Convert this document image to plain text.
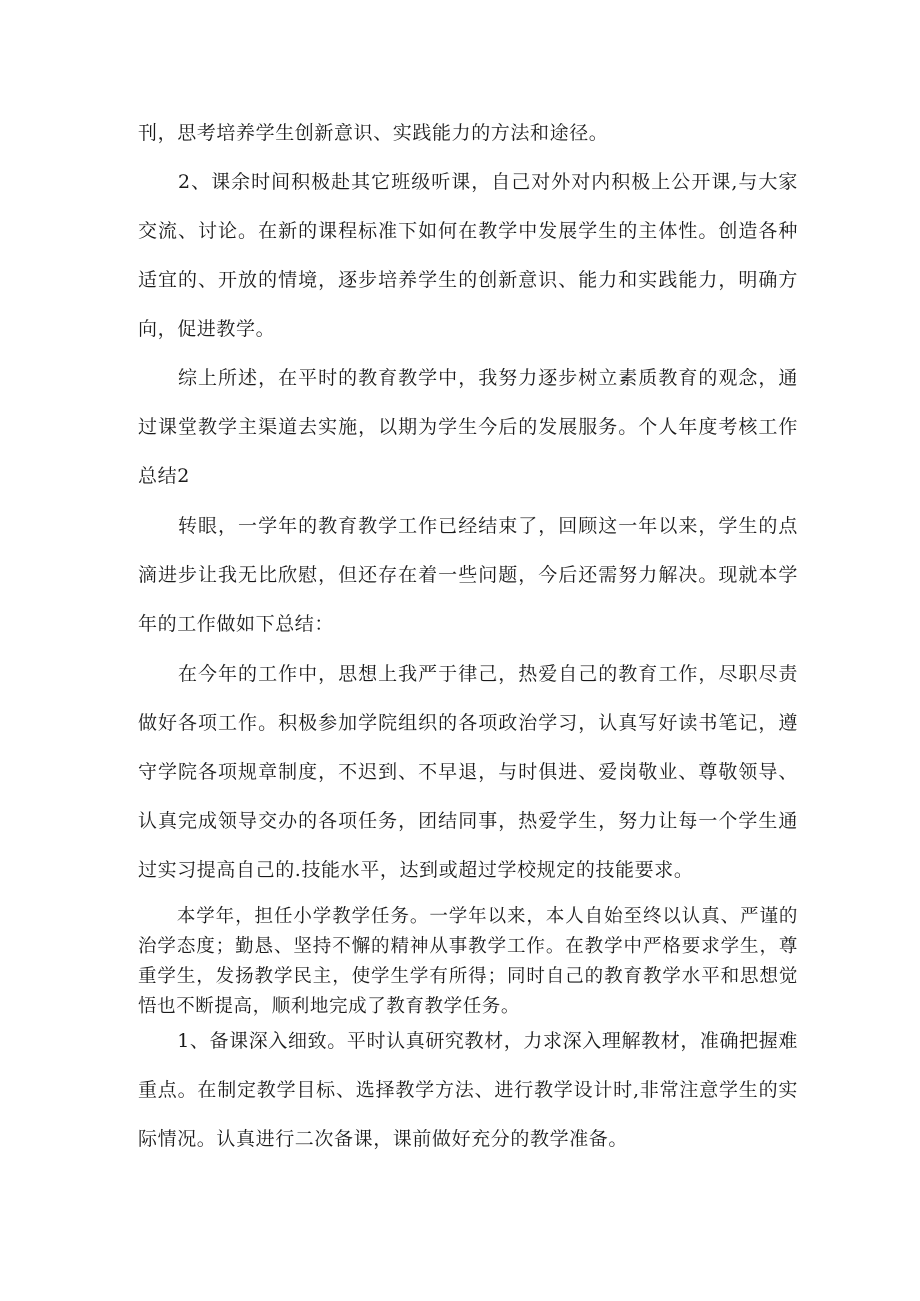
刊，思考培养学生创新意识、实践能力的方法和途径。

　　2、课余时间积极赴其它班级听课，自己对外对内积极上公开课,与大家交流、讨论。在新的课程标准下如何在教学中发展学生的主体性。创造各种适宜的、开放的情境，逐步培养学生的创新意识、能力和实践能力，明确方向，促进教学。

　　综上所述，在平时的教育教学中，我努力逐步树立素质教育的观念，通过课堂教学主渠道去实施，以期为学生今后的发展服务。个人年度考核工作总结2

　　转眼，一学年的教育教学工作已经结束了，回顾这一年以来，学生的点滴进步让我无比欣慰，但还存在着一些问题，今后还需努力解决。现就本学年的工作做如下总结：

　　在今年的工作中，思想上我严于律己，热爱自己的教育工作，尽职尽责做好各项工作。积极参加学院组织的各项政治学习，认真写好读书笔记，遵守学院各项规章制度，不迟到、不早退，与时俱进、爱岗敬业、尊敬领导、认真完成领导交办的各项任务，团结同事，热爱学生，努力让每一个学生通过实习提高自己的.技能水平，达到或超过学校规定的技能要求。

　　本学年，担任小学教学任务。一学年以来，本人自始至终以认真、严谨的治学态度；勤恳、坚持不懈的精神从事教学工作。在教学中严格要求学生，尊重学生，发扬教学民主，使学生学有所得；同时自己的教育教学水平和思想觉悟也不断提高，顺利地完成了教育教学任务。

　　1、备课深入细致。平时认真研究教材，力求深入理解教材，准确把握难重点。在制定教学目标、选择教学方法、进行教学设计时,非常注意学生的实际情况。认真进行二次备课，课前做好充分的教学准备。
